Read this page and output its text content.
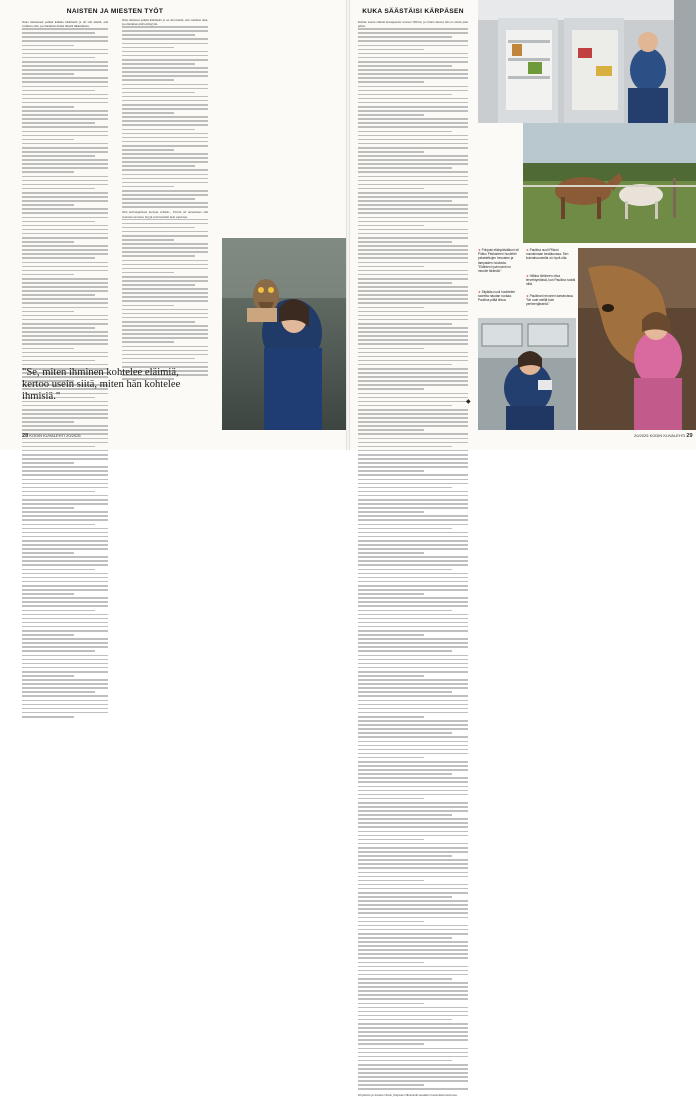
NAISTEN JA MIESTEN TYÖT

Onna murmonen pelkää kaikkia käärmeitä ja oli sitä mieltä, että varmista olisi, jos mieluiten niiden lähellä liikkuminen.

Oma muistoni pelkää käärmettä ja on sitä mieltä, että varmista olisi, jos mieluiten pitää etäisyyttä.

Olin kotirumpettani karussa erittäin... Perinä oli ainoastaan olla vuorosta varsasta. Kyyjä saisi kesäisin kuin sopeutua.

"Se, miten ihminen kohtelee eläimiä, kertoo usein siitä, miten hän kohtelee ihmisiä."
28 KODIN KUVALEHTI 20/2025
KUKA SÄÄSTÄISI KÄRPÄSEN

Kuinka monta eläintä kuvaajamme seuraa? Hiirten ja rottien kanssa hän on töissä joka päivä.

Kirjoitettu ja kuvattu Oulun yliopiston Hemminki-hankkeen luoteelaboratoriossa.

➜ Pohjoisi eläinpäiväkkuri eli Pirkko Pekkarinen huolehtii pelastettujen hevosten ja lampaiden hoidosta. "Eläinten hyvinvointi on minulle tärkeää."
➜ Pauliina nuoli Pilkuin nuuskimaan kesäkuussa. Sen kulmahuuneella on hyvä olla.
➜ Siipikäs nuuli huuhtelee tuoretta naudan ruokaa. Pauliina pitää lintua.
➜ Hiiliina hiiriineen oliva tervehtymässä, kun Pauliina ruokki niitä.
➜ Pauliinan hevonen karsinoissa. "Ne ovat meillä kuin perheenjäseniä."
◆
20/2025 KODIN KUVALEHTI 29
